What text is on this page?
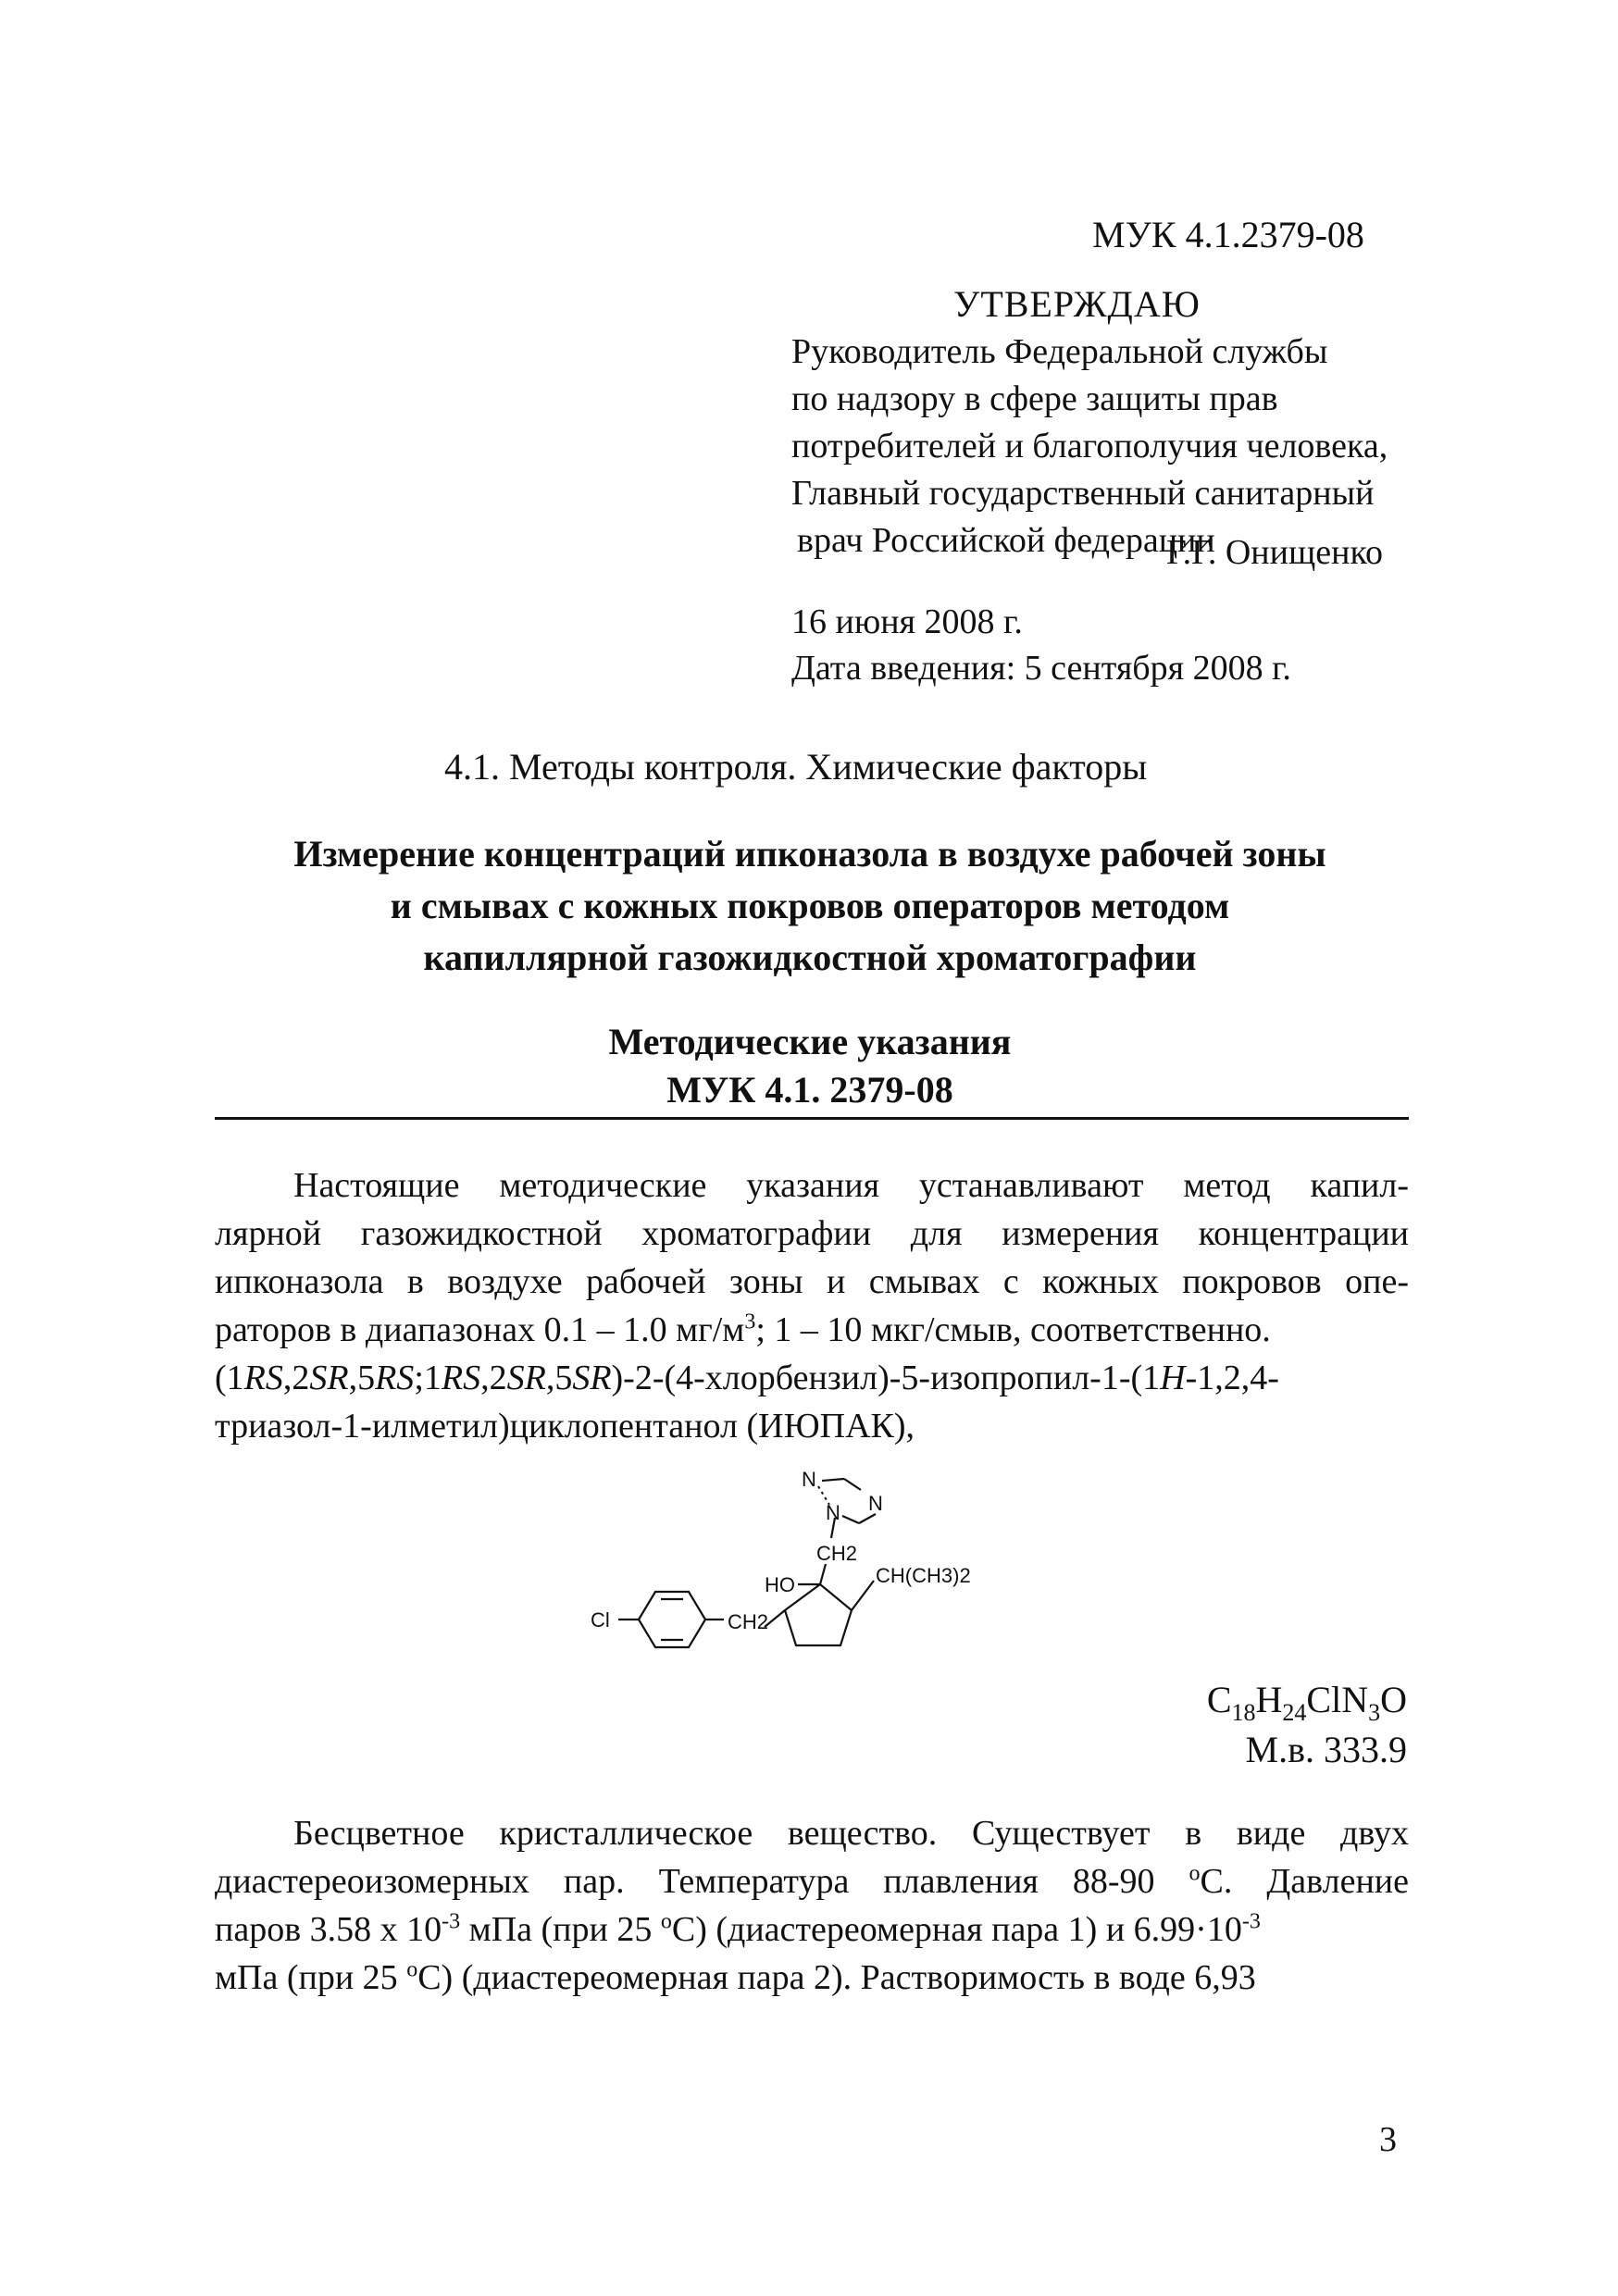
МУК 4.1.2379-08
УТВЕРЖДАЮ
Руководитель Федеральной службы
по надзору в сфере защиты прав
потребителей и благополучия человека,
Главный государственный санитарный
врач Российской федерации
Г.Г. Онищенко
16 июня 2008 г.
Дата введения: 5 сентября 2008 г.
4.1. Методы контроля. Химические факторы
Измерение концентраций ипконазола в воздухе рабочей зоны
и смывах с кожных покровов операторов методом
капиллярной газожидкостной хроматографии
Методические указания
МУК 4.1. 2379-08
Настоящие методические указания устанавливают метод капил-
лярной газожидкостной хроматографии для измерения концентрации
ипконазола в воздухе рабочей зоны и смывах с кожных покровов опе-
раторов в диапазонах 0.1 – 1.0 $мг/м^3$; 1 – 10 мкг/смыв, соответственно.
(1RS,2SR,5RS;1RS,2SR,5SR)-2-(4-хлорбензил)-5-изопропил-1-(1H-1,2,4-
триазол-1-илметил)циклопентанол (ИЮПАК),
N
N N
CH2
HO	CH(CH3)2
Cl	CH2
$C_{18}H_{24}ClN_3O$
М.в. 333.9
Бесцветное кристаллическое вещество. Существует в виде двух
диастереоизомерных пар. Температура плавления 88-90 $^o$С. Давление
паров 3.58 x $10^{-3}$ мПа (при 25 $^o$С) (диастереомерная пара 1) и $6.99\cdot 10^{-3}$
мПа (при 25 $^o$С) (диастереомерная пара 2). Растворимость в воде 6,93
3
